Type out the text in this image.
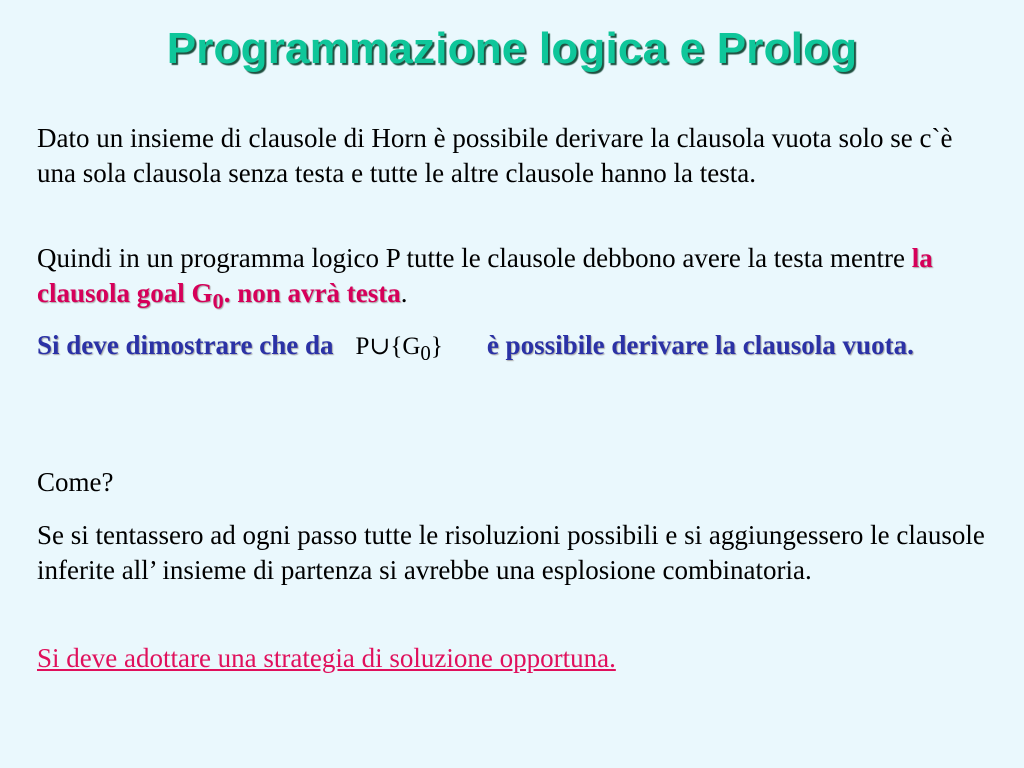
Programmazione logica e Prolog

Dato un insieme di clausole di Horn è possibile derivare la clausola vuota solo se c`è una sola clausola senza testa e tutte le altre clausole hanno la testa.

Quindi in un programma logico P tutte le clausole debbono avere la testa mentre la clausola goal $G_0$. non avrà testa.

Si deve dimostrare che da $P\cup\{G_0\}$ è possibile derivare la clausola vuota.

Come?

Se si tentassero ad ogni passo tutte le risoluzioni possibili e si aggiungessero le clausole inferite all’ insieme di partenza si avrebbe una esplosione combinatoria.

Si deve adottare una strategia di soluzione opportuna.
